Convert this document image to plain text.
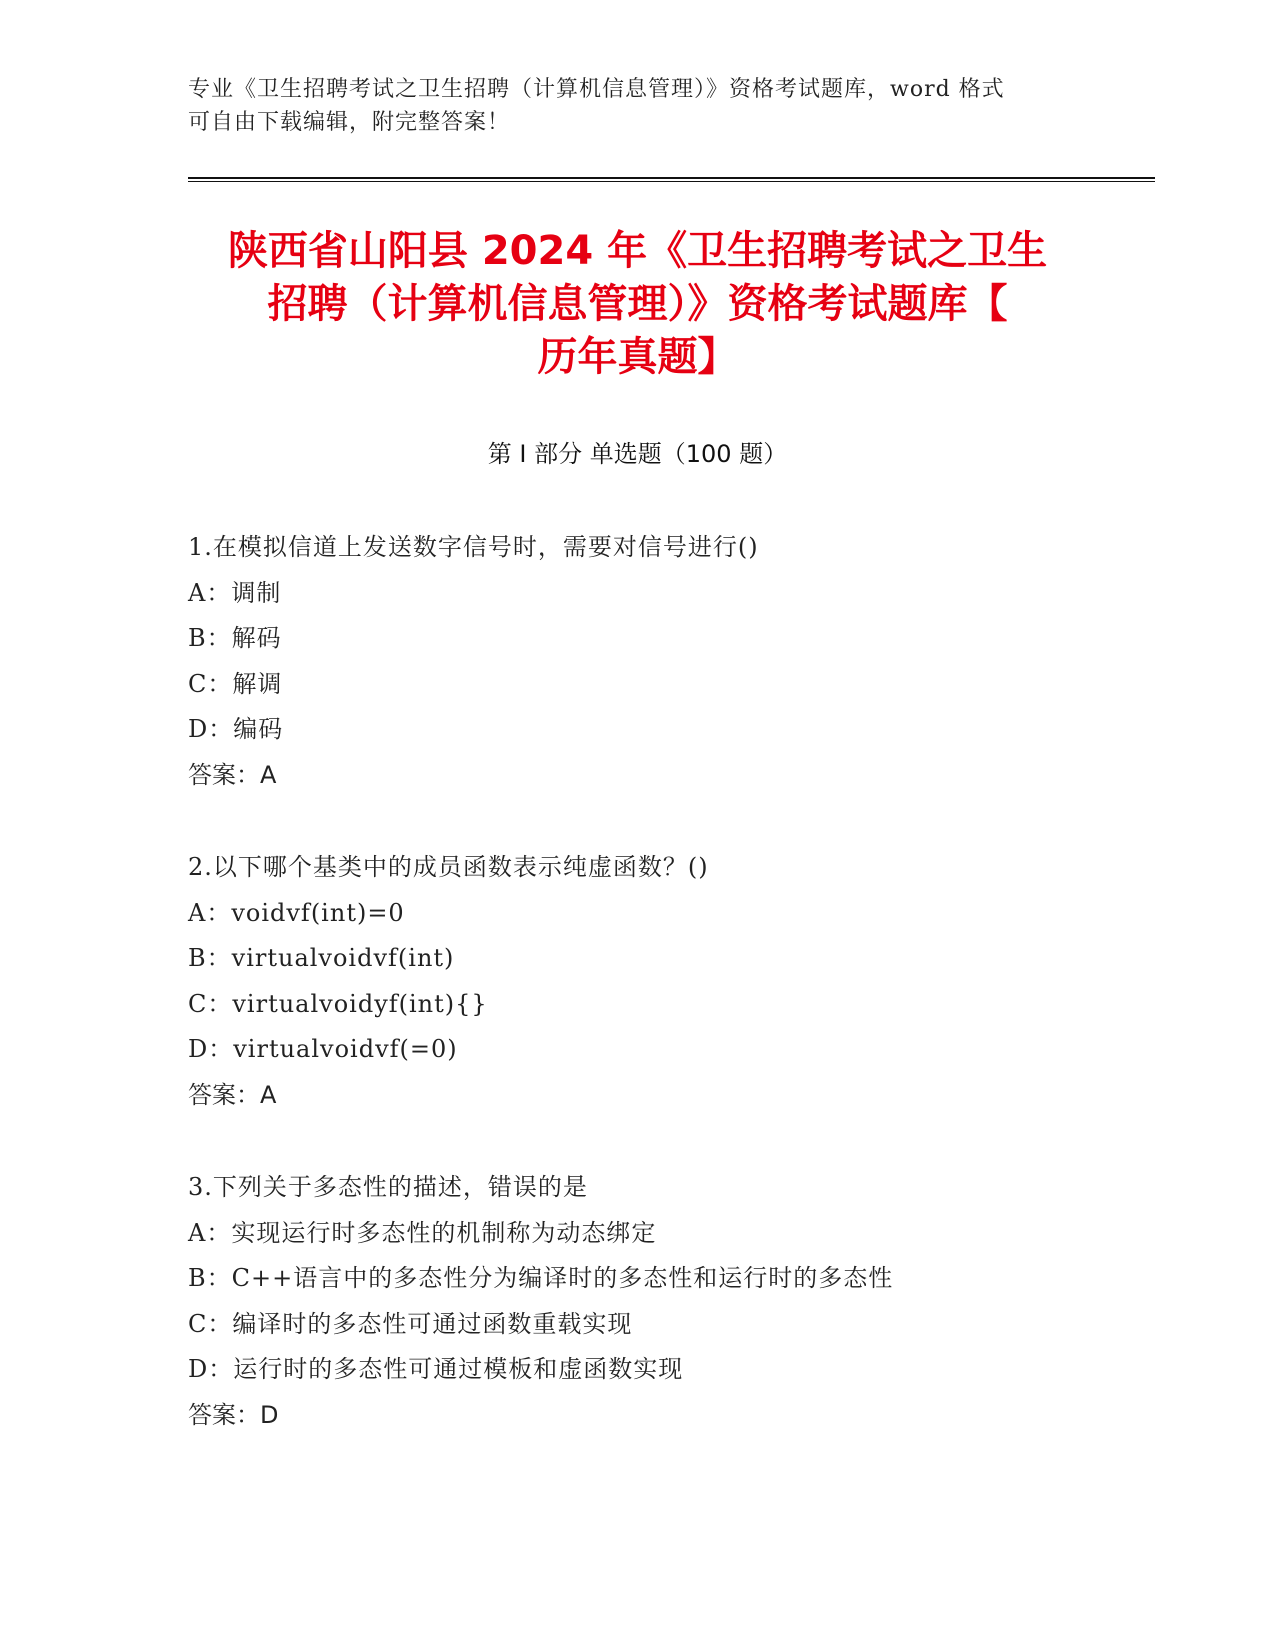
专业《卫生招聘考试之卫生招聘（计算机信息管理）》资格考试题库，word 格式
可自由下载编辑，附完整答案！
陕西省山阳县 2024 年《卫生招聘考试之卫生
招聘（计算机信息管理）》资格考试题库【
历年真题】
第 I 部分 单选题（100 题）
1.在模拟信道上发送数字信号时，需要对信号进行()
A：调制
B：解码
C：解调
D：编码
答案：A
2.以下哪个基类中的成员函数表示纯虚函数？()
A：voidvf(int)=0
B：virtualvoidvf(int)
C：virtualvoidyf(int){}
D：virtualvoidvf(=0)
答案：A
3.下列关于多态性的描述，错误的是
A：实现运行时多态性的机制称为动态绑定
B：C++语言中的多态性分为编译时的多态性和运行时的多态性
C：编译时的多态性可通过函数重载实现
D：运行时的多态性可通过模板和虚函数实现
答案：D
